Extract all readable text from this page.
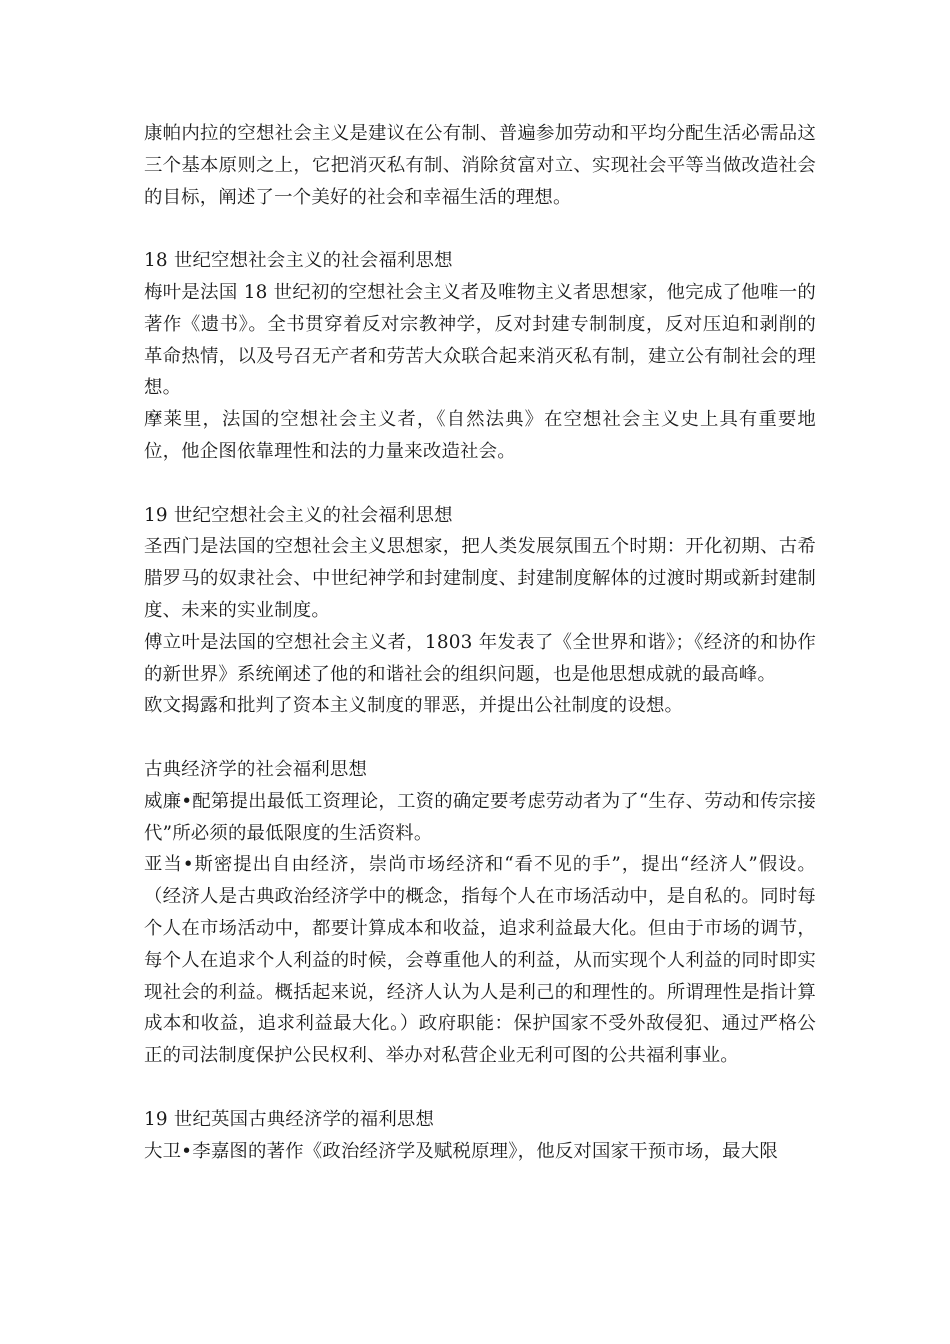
康帕内拉的空想社会主义是建议在公有制、普遍参加劳动和平均分配生活必需品这三个基本原则之上，它把消灭私有制、消除贫富对立、实现社会平等当做改造社会的目标，阐述了一个美好的社会和幸福生活的理想。

18 世纪空想社会主义的社会福利思想

梅叶是法国 18 世纪初的空想社会主义者及唯物主义者思想家，他完成了他唯一的著作《遗书》。全书贯穿着反对宗教神学，反对封建专制制度，反对压迫和剥削的革命热情，以及号召无产者和劳苦大众联合起来消灭私有制，建立公有制社会的理想。

摩莱里，法国的空想社会主义者，《自然法典》在空想社会主义史上具有重要地位，他企图依靠理性和法的力量来改造社会。

19 世纪空想社会主义的社会福利思想

圣西门是法国的空想社会主义思想家，把人类发展氛围五个时期：开化初期、古希腊罗马的奴隶社会、中世纪神学和封建制度、封建制度解体的过渡时期或新封建制度、未来的实业制度。

傅立叶是法国的空想社会主义者，1803 年发表了《全世界和谐》；《经济的和协作的新世界》系统阐述了他的和谐社会的组织问题，也是他思想成就的最高峰。

欧文揭露和批判了资本主义制度的罪恶，并提出公社制度的设想。

古典经济学的社会福利思想

威廉•配第提出最低工资理论，工资的确定要考虑劳动者为了“生存、劳动和传宗接代”所必须的最低限度的生活资料。

亚当•斯密提出自由经济，崇尚市场经济和“看不见的手”，提出“经济人”假设。（经济人是古典政治经济学中的概念，指每个人在市场活动中，是自私的。同时每个人在市场活动中，都要计算成本和收益，追求利益最大化。但由于市场的调节，每个人在追求个人利益的时候，会尊重他人的利益，从而实现个人利益的同时即实现社会的利益。概括起来说，经济人认为人是利己的和理性的。所谓理性是指计算成本和收益，追求利益最大化。）政府职能：保护国家不受外敌侵犯、通过严格公正的司法制度保护公民权利、举办对私营企业无利可图的公共福利事业。

19 世纪英国古典经济学的福利思想

大卫•李嘉图的著作《政治经济学及赋税原理》，他反对国家干预市场，最大限
